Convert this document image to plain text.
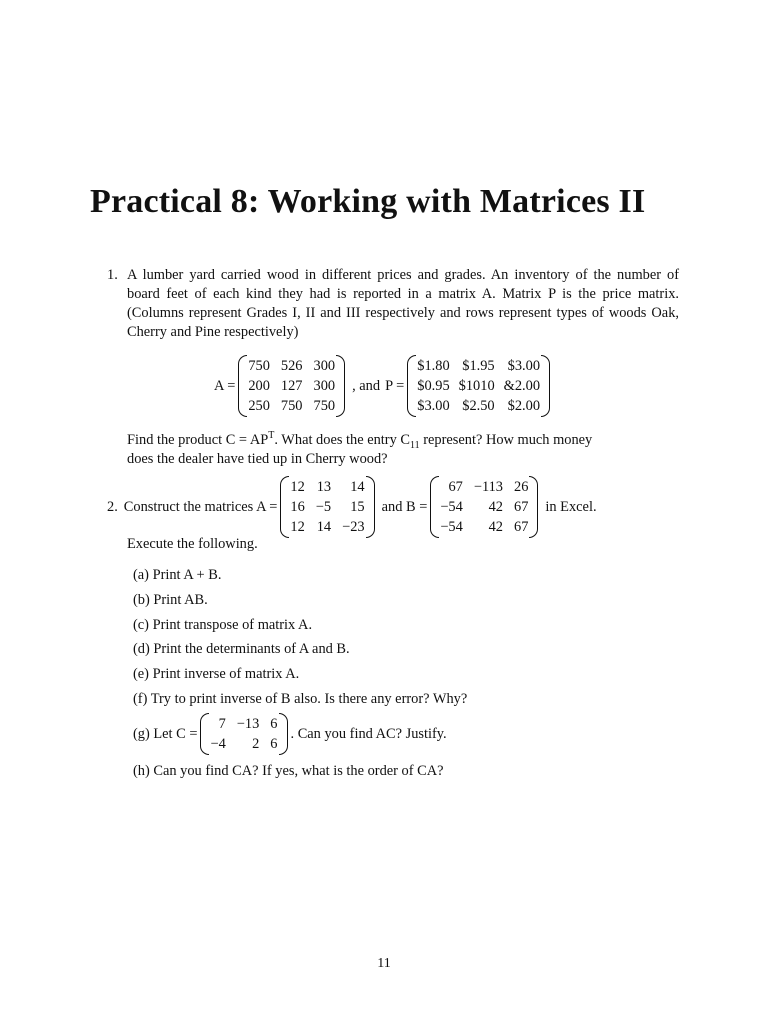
Practical 8: Working with Matrices II
1. A lumber yard carried wood in different prices and grades. An inventory of the number of board feet of each kind they had is reported in a matrix A. Matrix P is the price matrix. (Columns represent Grades I, II and III respectively and rows represent types of woods Oak, Cherry and Pine respectively)
A =
750 526 300
200 127 300
250 750 750
, and P =
$1.80 $1.95 $3.00
$0.95 $1010 &2.00
$3.00 $2.50 $2.00
Find the product $C = AP^T$. What does the entry $C_{11}$ represent? How much money
does the dealer have tied up in Cherry wood?
2. Construct the matrices A =
12 13	14
16 −5	15
12 14 −23
and B =
67 −113 26
−54	42 67
−54	42 67
in Excel.
Execute the following.
(a) Print A + B.
(b) Print AB.
(c) Print transpose of matrix A.
(d) Print the determinants of A and B.
(e) Print inverse of matrix A.
(f) Try to print inverse of B also. Is there any error? Why?
(g) Let C =
7 −13 6
−4	2 6
. Can you find AC? Justify.
(h) Can you find CA? If yes, what is the order of CA?
11
